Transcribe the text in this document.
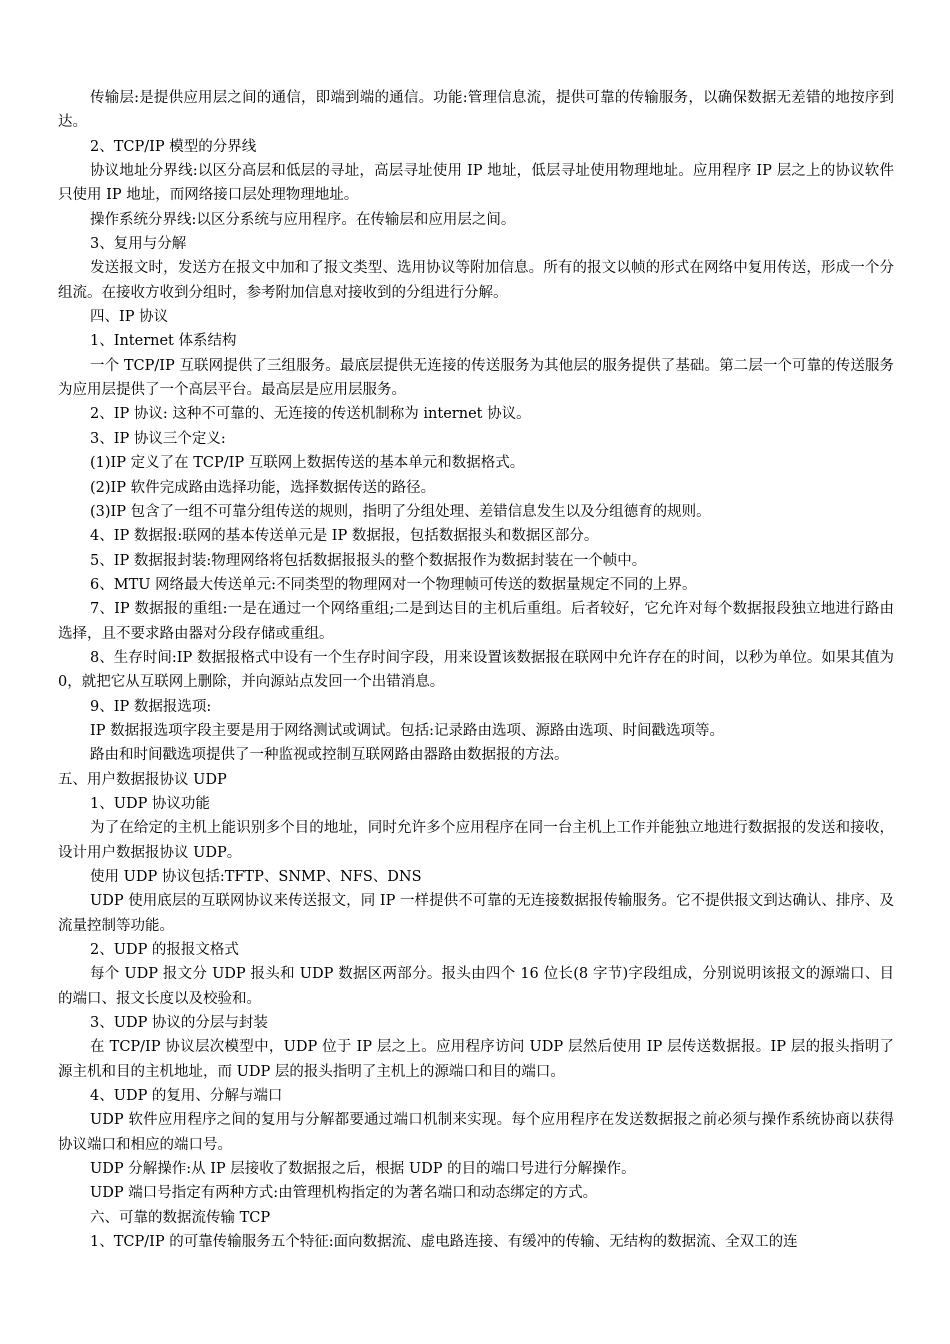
传输层:是提供应用层之间的通信，即端到端的通信。功能:管理信息流，提供可靠的传输服务，以确保数据无差错的地按序到达。

2、TCP/IP 模型的分界线

协议地址分界线:以区分高层和低层的寻址，高层寻址使用 IP 地址，低层寻址使用物理地址。应用程序 IP 层之上的协议软件只使用 IP 地址，而网络接口层处理物理地址。

操作系统分界线:以区分系统与应用程序。在传输层和应用层之间。

3、复用与分解

发送报文时，发送方在报文中加和了报文类型、选用协议等附加信息。所有的报文以帧的形式在网络中复用传送，形成一个分组流。在接收方收到分组时，参考附加信息对接收到的分组进行分解。

四、IP 协议

1、Internet 体系结构

一个 TCP/IP 互联网提供了三组服务。最底层提供无连接的传送服务为其他层的服务提供了基础。第二层一个可靠的传送服务为应用层提供了一个高层平台。最高层是应用层服务。

2、IP 协议: 这种不可靠的、无连接的传送机制称为 internet 协议。

3、IP 协议三个定义:

(1)IP 定义了在 TCP/IP 互联网上数据传送的基本单元和数据格式。

(2)IP 软件完成路由选择功能，选择数据传送的路径。

(3)IP 包含了一组不可靠分组传送的规则，指明了分组处理、差错信息发生以及分组德育的规则。

4、IP 数据报:联网的基本传送单元是 IP 数据报，包括数据报头和数据区部分。

5、IP 数据报封装:物理网络将包括数据报报头的整个数据报作为数据封装在一个帧中。

6、MTU 网络最大传送单元:不同类型的物理网对一个物理帧可传送的数据量规定不同的上界。

7、IP 数据报的重组:一是在通过一个网络重组;二是到达目的主机后重组。后者较好，它允许对每个数据报段独立地进行路由选择，且不要求路由器对分段存储或重组。

8、生存时间:IP 数据报格式中设有一个生存时间字段，用来设置该数据报在联网中允许存在的时间，以秒为单位。如果其值为 0，就把它从互联网上删除，并向源站点发回一个出错消息。

9、IP 数据报选项:

IP 数据报选项字段主要是用于网络测试或调试。包括:记录路由选项、源路由选项、时间戳选项等。

路由和时间戳选项提供了一种监视或控制互联网路由器路由数据报的方法。

五、用户数据报协议 UDP

1、UDP 协议功能

为了在给定的主机上能识别多个目的地址，同时允许多个应用程序在同一台主机上工作并能独立地进行数据报的发送和接收，设计用户数据报协议 UDP。

使用 UDP 协议包括:TFTP、SNMP、NFS、DNS

UDP 使用底层的互联网协议来传送报文，同 IP 一样提供不可靠的无连接数据报传输服务。它不提供报文到达确认、排序、及流量控制等功能。

2、UDP 的报报文格式

每个 UDP 报文分 UDP 报头和 UDP 数据区两部分。报头由四个 16 位长(8 字节)字段组成，分别说明该报文的源端口、目的端口、报文长度以及校验和。

3、UDP 协议的分层与封装

在 TCP/IP 协议层次模型中，UDP 位于 IP 层之上。应用程序访问 UDP 层然后使用 IP 层传送数据报。IP 层的报头指明了源主机和目的主机地址，而 UDP 层的报头指明了主机上的源端口和目的端口。

4、UDP 的复用、分解与端口

UDP 软件应用程序之间的复用与分解都要通过端口机制来实现。每个应用程序在发送数据报之前必须与操作系统协商以获得协议端口和相应的端口号。

UDP 分解操作:从 IP 层接收了数据报之后，根据 UDP 的目的端口号进行分解操作。

UDP 端口号指定有两种方式:由管理机构指定的为著名端口和动态绑定的方式。

六、可靠的数据流传输 TCP

1、TCP/IP 的可靠传输服务五个特征:面向数据流、虚电路连接、有缓冲的传输、无结构的数据流、全双工的连
